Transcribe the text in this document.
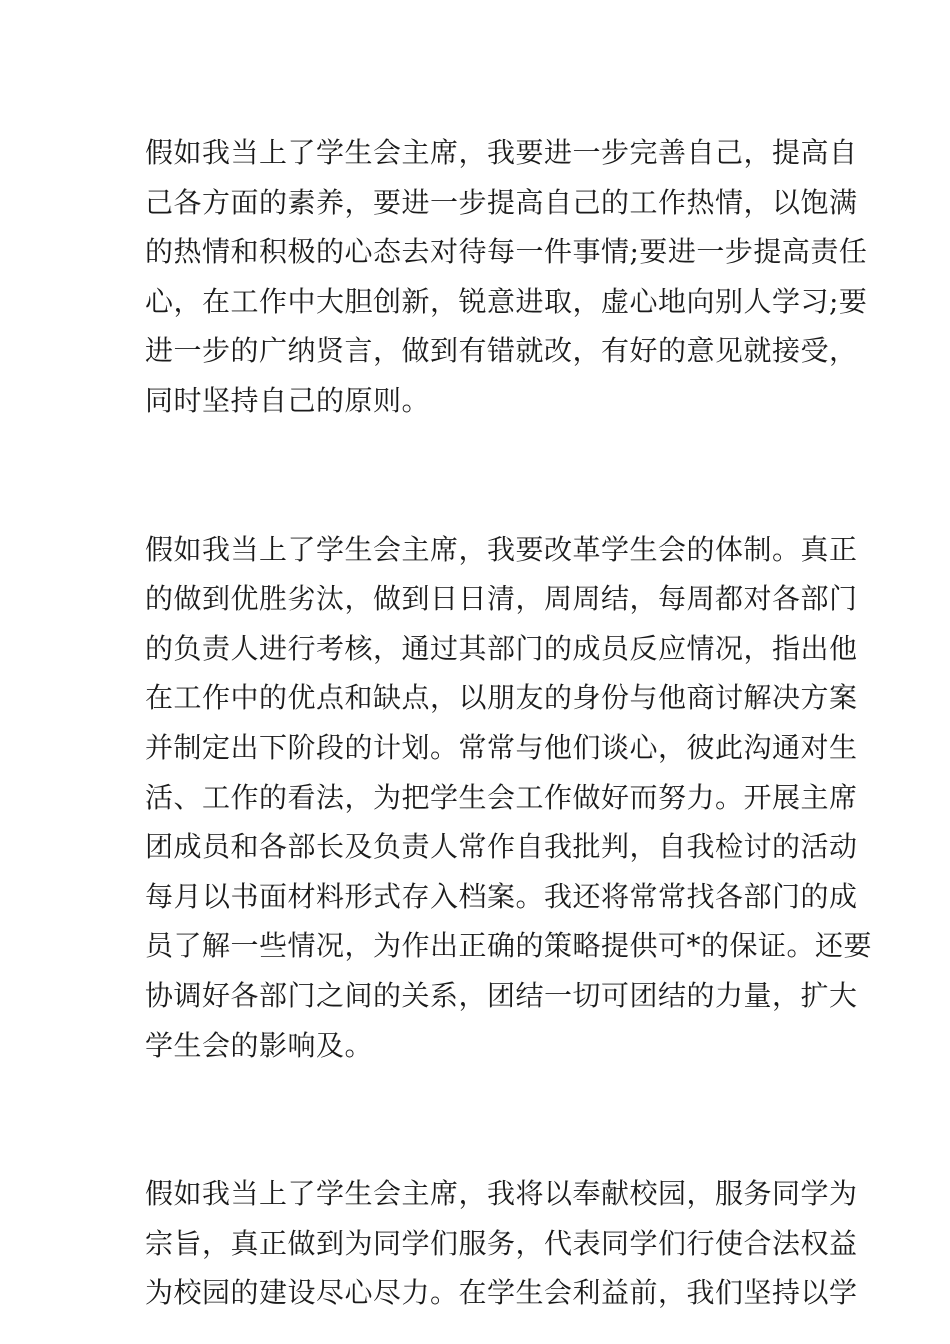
假如我当上了学生会主席，我要进一步完善自己，提高自
己各方面的素养，要进一步提高自己的工作热情，以饱满
的热情和积极的心态去对待每一件事情;要进一步提高责任
心，在工作中大胆创新，锐意进取，虚心地向别人学习;要
进一步的广纳贤言，做到有错就改，有好的意见就接受，
同时坚持自己的原则。
假如我当上了学生会主席，我要改革学生会的体制。真正
的做到优胜劣汰，做到日日清，周周结，每周都对各部门
的负责人进行考核，通过其部门的成员反应情况，指出他
在工作中的优点和缺点，以朋友的身份与他商讨解决方案
并制定出下阶段的计划。常常与他们谈心，彼此沟通对生
活、工作的看法，为把学生会工作做好而努力。开展主席
团成员和各部长及负责人常作自我批判，自我检讨的活动
每月以书面材料形式存入档案。我还将常常找各部门的成
员了解一些情况，为作出正确的策略提供可*的保证。还要
协调好各部门之间的关系，团结一切可团结的力量，扩大
学生会的影响及。
假如我当上了学生会主席，我将以奉献校园，服务同学为
宗旨，真正做到为同学们服务，代表同学们行使合法权益
为校园的建设尽心尽力。在学生会利益前，我们坚持以学
